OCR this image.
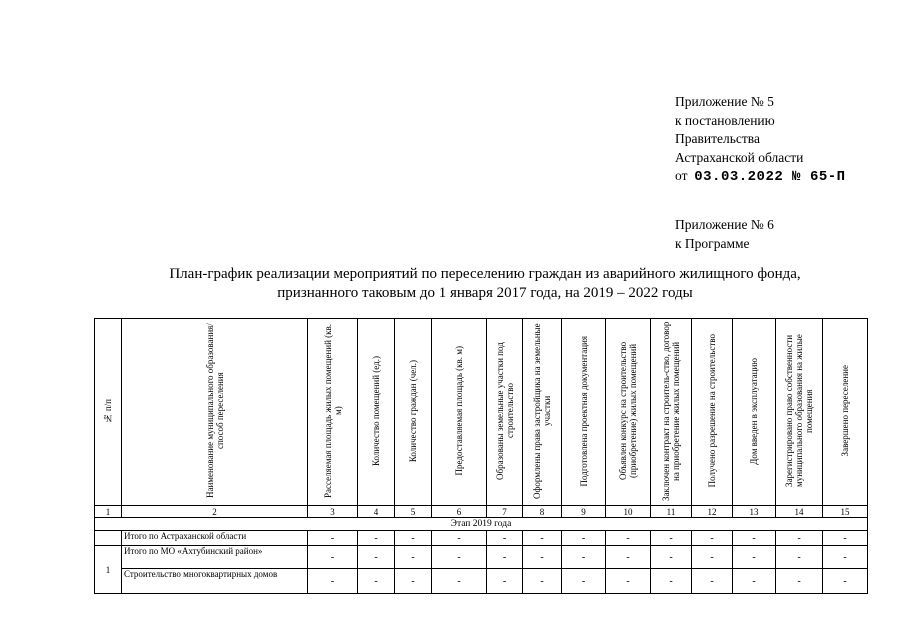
Приложение № 5
к постановлению
Правительства
Астраханской области
от 03.03.2022 № 65-П
Приложение № 6
к Программе
План-график реализации мероприятий по переселению граждан из аварийного жилищного фонда,
признанного таковым до 1 января 2017 года, на 2019 – 2022 годы
№ п/п	Наименование муниципального образования/ способ переселения	Расселяемая площадь жилых помещений (кв. м)	Количество помещений (ед.)	Количество граждан (чел.)	Предоставляемая площадь (кв. м)	Образованы земельные участки под строительство	Оформлены права застройщика на земельные участки	Подготовлена проектная документация	Объявлен конкурс на строительство (приобретение) жилых помещений	Заключен контракт на строитель-ство, договор на приобретение жилых помещений	Получено разрешение на строительство	Дом введен в эксплуатацию	Зарегистрировано право собственности муниципального образования на жилые помещения	Завершено переселение
1	2	3	4	5	6	7	8	9	10	11	12	13	14	15
Этап 2019 года														
	Итого по Астраханской области	-	-	-	-	-	-	-	-	-	-	-	-	-
1	Итого по МО «Ахтубинский район»	-	-	-	-	-	-	-	-	-	-	-	-	-
	Строительство многоквартирных домов	-	-	-	-	-	-	-	-	-	-	-	-	-
